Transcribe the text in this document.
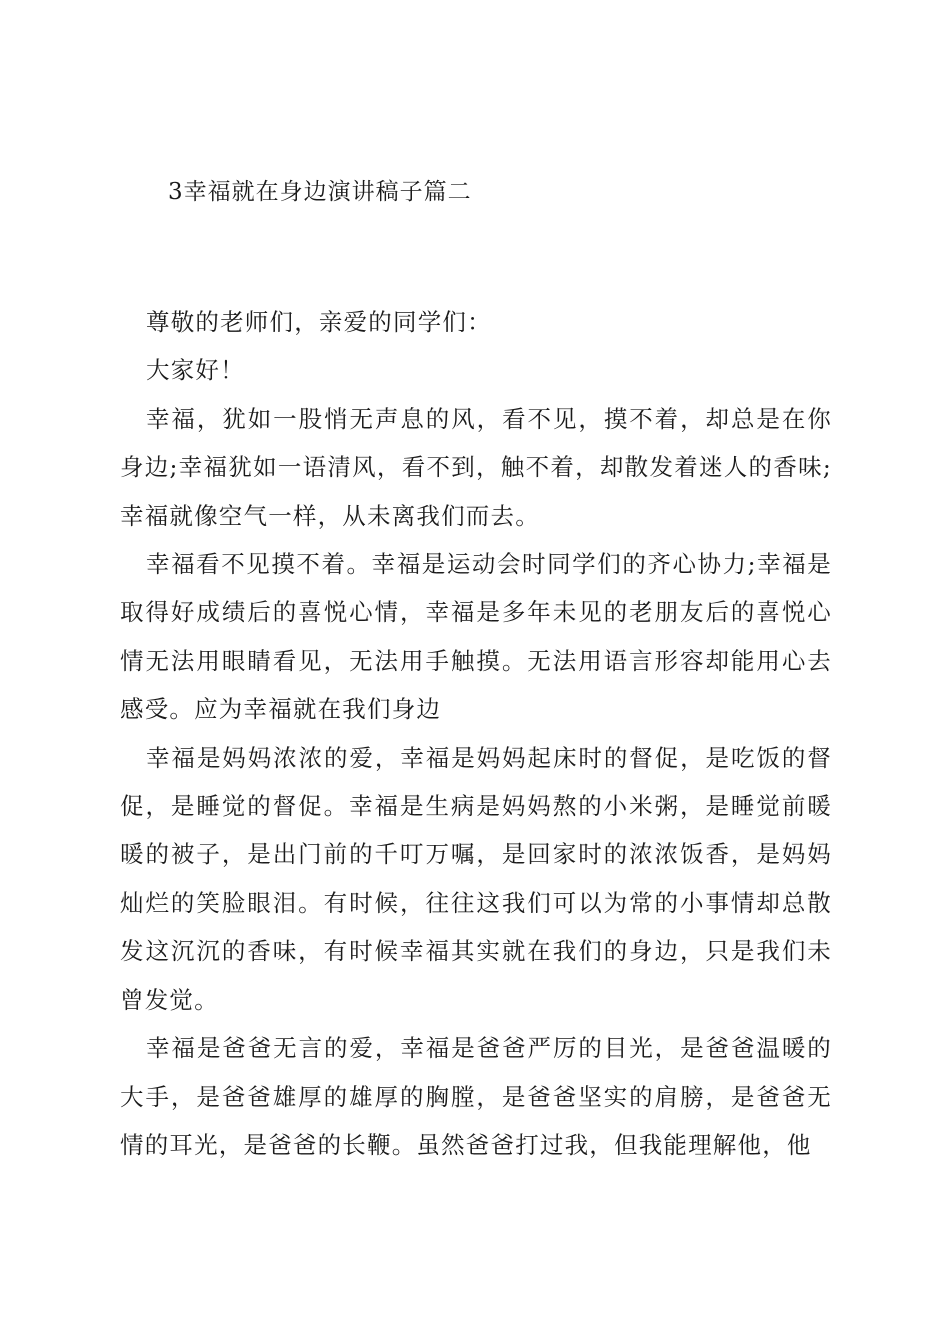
3幸福就在身边演讲稿子篇二

尊敬的老师们，亲爱的同学们：

大家好！

幸福，犹如一股悄无声息的风，看不见，摸不着，却总是在你身边;幸福犹如一语清风，看不到，触不着，却散发着迷人的香味;幸福就像空气一样，从未离我们而去。

幸福看不见摸不着。幸福是运动会时同学们的齐心协力;幸福是取得好成绩后的喜悦心情，幸福是多年未见的老朋友后的喜悦心情无法用眼睛看见，无法用手触摸。无法用语言形容却能用心去感受。应为幸福就在我们身边

幸福是妈妈浓浓的爱，幸福是妈妈起床时的督促，是吃饭的督促，是睡觉的督促。幸福是生病是妈妈熬的小米粥，是睡觉前暖暖的被子，是出门前的千叮万嘱，是回家时的浓浓饭香，是妈妈灿烂的笑脸眼泪。有时候，往往这我们可以为常的小事情却总散发这沉沉的香味，有时候幸福其实就在我们的身边，只是我们未曾发觉。

幸福是爸爸无言的爱，幸福是爸爸严厉的目光，是爸爸温暖的大手，是爸爸雄厚的雄厚的胸膛，是爸爸坚实的肩膀，是爸爸无情的耳光，是爸爸的长鞭。虽然爸爸打过我，但我能理解他，他
